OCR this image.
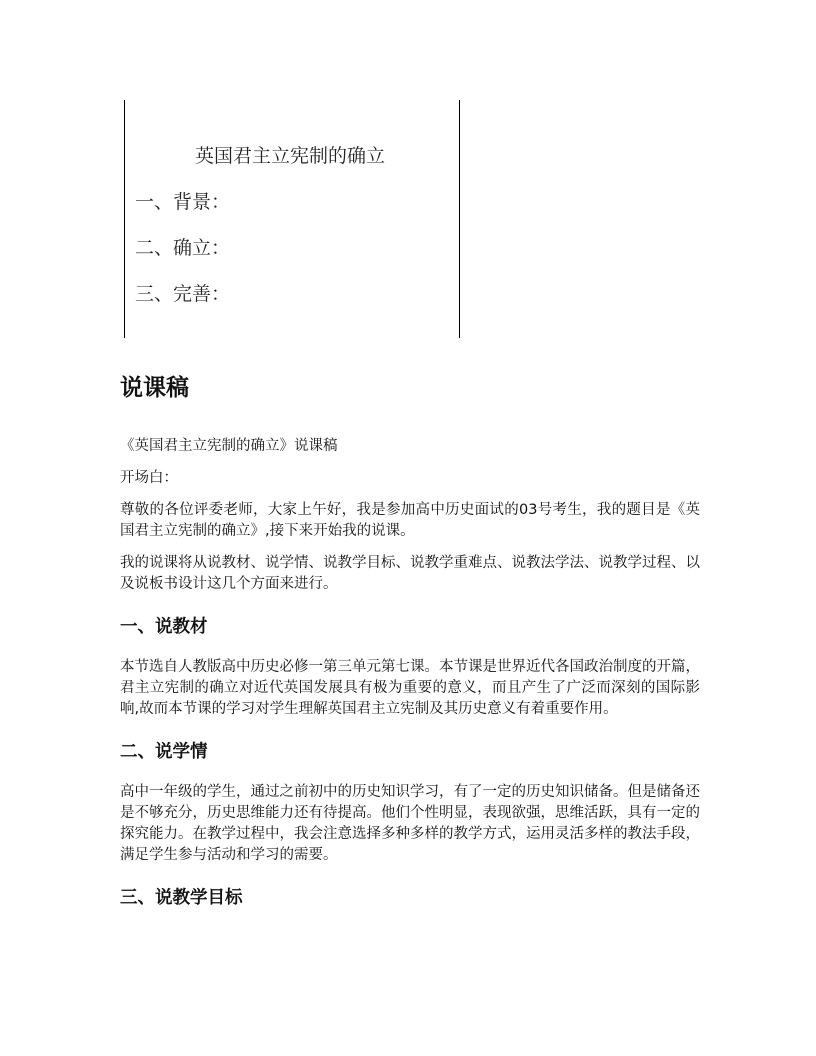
英国君主立宪制的确立
一、背景：
二、确立：
三、完善：
说课稿

《英国君主立宪制的确立》说课稿

开场白：

尊敬的各位评委老师，大家上午好，我是参加高中历史面试的03号考生，我的题目是《英国君主立宪制的确立》,接下来开始我的说课。

我的说课将从说教材、说学情、说教学目标、说教学重难点、说教法学法、说教学过程、以及说板书设计这几个方面来进行。

一、说教材

本节选自人教版高中历史必修一第三单元第七课。本节课是世界近代各国政治制度的开篇，君主立宪制的确立对近代英国发展具有极为重要的意义，而且产生了广泛而深刻的国际影响,故而本节课的学习对学生理解英国君主立宪制及其历史意义有着重要作用。

二、说学情

高中一年级的学生，通过之前初中的历史知识学习，有了一定的历史知识储备。但是储备还是不够充分，历史思维能力还有待提高。他们个性明显，表现欲强，思维活跃，具有一定的探究能力。在教学过程中，我会注意选择多种多样的教学方式，运用灵活多样的教法手段，满足学生参与活动和学习的需要。

三、说教学目标
